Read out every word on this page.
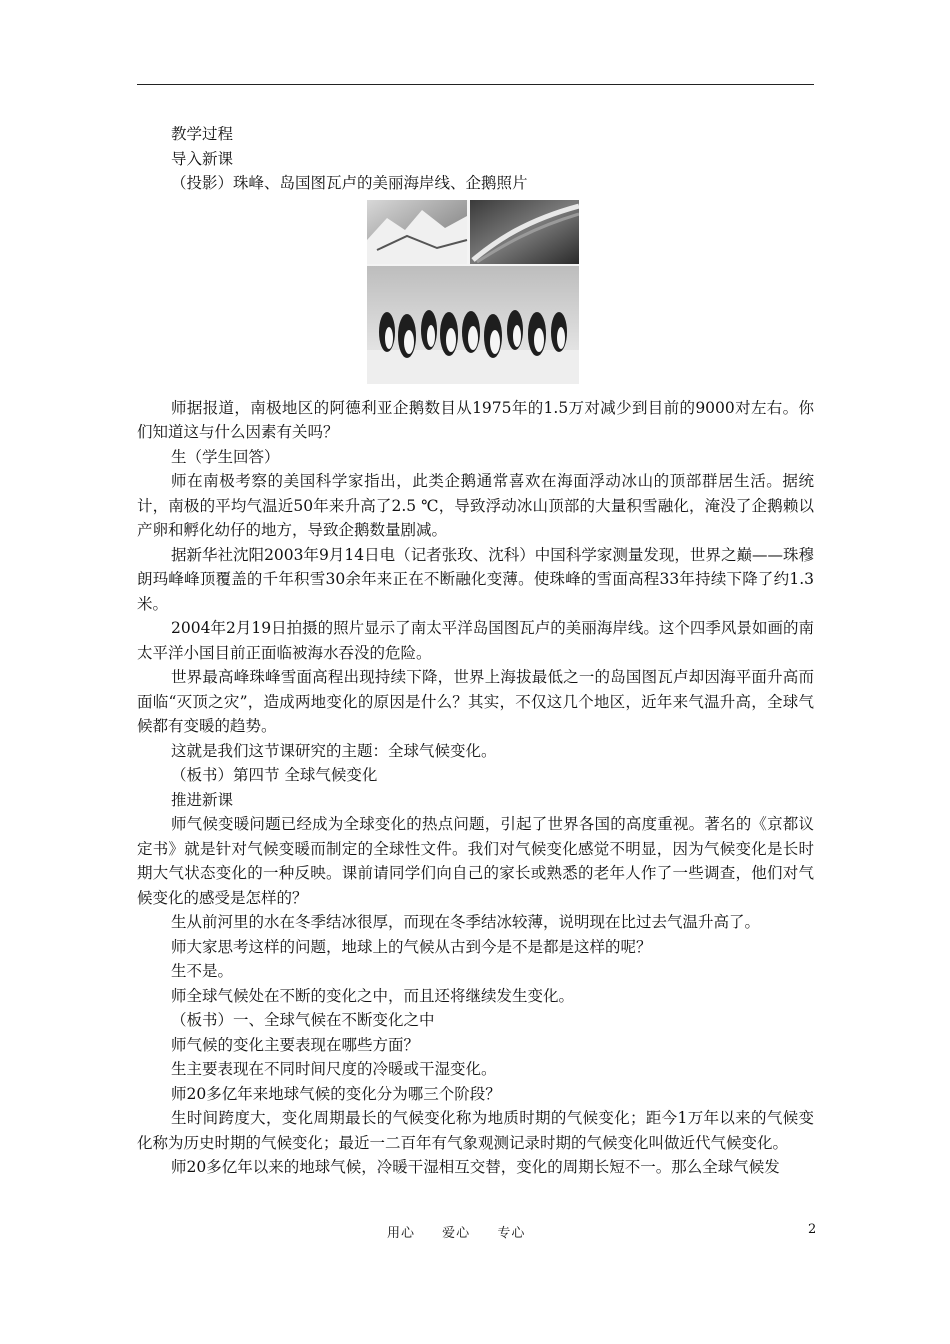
教学过程

导入新课

（投影）珠峰、岛国图瓦卢的美丽海岸线、企鹅照片

师据报道，南极地区的阿德利亚企鹅数目从1975年的1.5万对减少到目前的9000对左右。你们知道这与什么因素有关吗？

生（学生回答）

师在南极考察的美国科学家指出，此类企鹅通常喜欢在海面浮动冰山的顶部群居生活。据统计，南极的平均气温近50年来升高了2.5 ℃，导致浮动冰山顶部的大量积雪融化，淹没了企鹅赖以产卵和孵化幼仔的地方，导致企鹅数量剧减。

据新华社沈阳2003年9月14日电（记者张玫、沈科）中国科学家测量发现，世界之巅——珠穆朗玛峰峰顶覆盖的千年积雪30余年来正在不断融化变薄。使珠峰的雪面高程33年持续下降了约1.3米。

2004年2月19日拍摄的照片显示了南太平洋岛国图瓦卢的美丽海岸线。这个四季风景如画的南太平洋小国目前正面临被海水吞没的危险。

世界最高峰珠峰雪面高程出现持续下降，世界上海拔最低之一的岛国图瓦卢却因海平面升高而面临“灭顶之灾”，造成两地变化的原因是什么？其实，不仅这几个地区，近年来气温升高，全球气候都有变暖的趋势。

这就是我们这节课研究的主题：全球气候变化。

（板书）第四节 全球气候变化

推进新课

师气候变暖问题已经成为全球变化的热点问题，引起了世界各国的高度重视。著名的《京都议定书》就是针对气候变暖而制定的全球性文件。我们对气候变化感觉不明显，因为气候变化是长时期大气状态变化的一种反映。课前请同学们向自己的家长或熟悉的老年人作了一些调查，他们对气候变化的感受是怎样的？

生从前河里的水在冬季结冰很厚，而现在冬季结冰较薄，说明现在比过去气温升高了。

师大家思考这样的问题，地球上的气候从古到今是不是都是这样的呢？

生不是。

师全球气候处在不断的变化之中，而且还将继续发生变化。

（板书）一、全球气候在不断变化之中

师气候的变化主要表现在哪些方面？

生主要表现在不同时间尺度的冷暖或干湿变化。

师20多亿年来地球气候的变化分为哪三个阶段？

生时间跨度大，变化周期最长的气候变化称为地质时期的气候变化；距今1万年以来的气候变化称为历史时期的气候变化；最近一二百年有气象观测记录时期的气候变化叫做近代气候变化。

师20多亿年以来的地球气候，冷暖干湿相互交替，变化的周期长短不一。那么全球气候发

用心 爱心 专心	2
